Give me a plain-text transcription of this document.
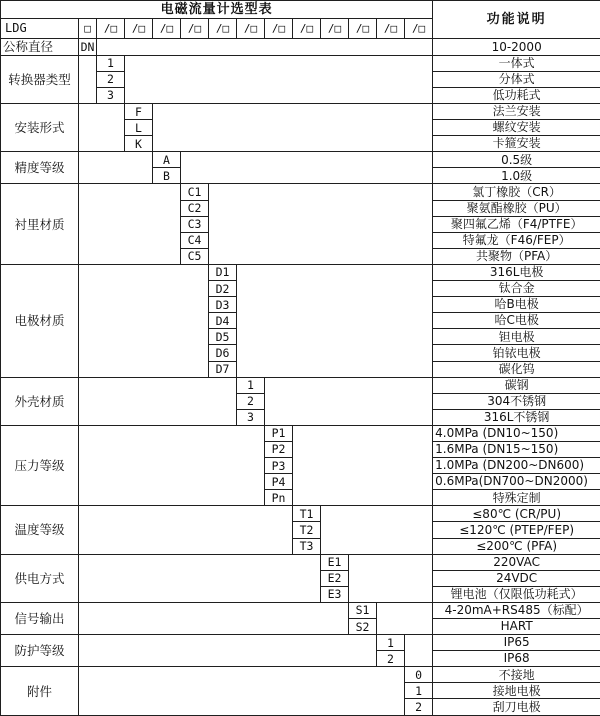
电磁流量计选型表														功能说明
LDG	□	/□	/□	/□	/□	/□	/□	/□	/□	/□	/□	/□	/□	
公称直径	DN													10-2000
转换器类型		1												一体式
		2												分体式
		3												低功耗式
安装形式			F											法兰安装
			L											螺纹安装
			K											卡箍安装
精度等级				A										0.5级
				B										1.0级
衬里材质					C1									氯丁橡胶（CR）
					C2									聚氨酯橡胶（PU）
					C3									聚四氟乙烯（F4/PTFE）
					C4									特氟龙（F46/FEP）
					C5									共聚物（PFA）
电极材质						D1								316L电极
						D2								钛合金
						D3								哈B电极
						D4								哈C电极
						D5								钽电极
						D6								铂铱电极
						D7								碳化钨
外壳材质							1							碳钢
							2							304不锈钢
							3							316L不锈钢
压力等级								P1						4.0MPa (DN10~150)
								P2						1.6MPa (DN15~150)
								P3						1.0MPa (DN200~DN600)
								P4						0.6MPa(DN700~DN2000)
								Pn						特殊定制
温度等级									T1					≤80℃ (CR/PU)
									T2					≤120℃ (PTEP/FEP)
									T3					≤200℃ (PFA)
供电方式										E1				220VAC
										E2				24VDC
										E3				锂电池（仅限低功耗式）
信号输出											S1			4-20mA+RS485（标配）
											S2			HART
防护等级												1		IP65
												2		IP68
附件													0	不接地
													1	接地电极
													2	刮刀电极
